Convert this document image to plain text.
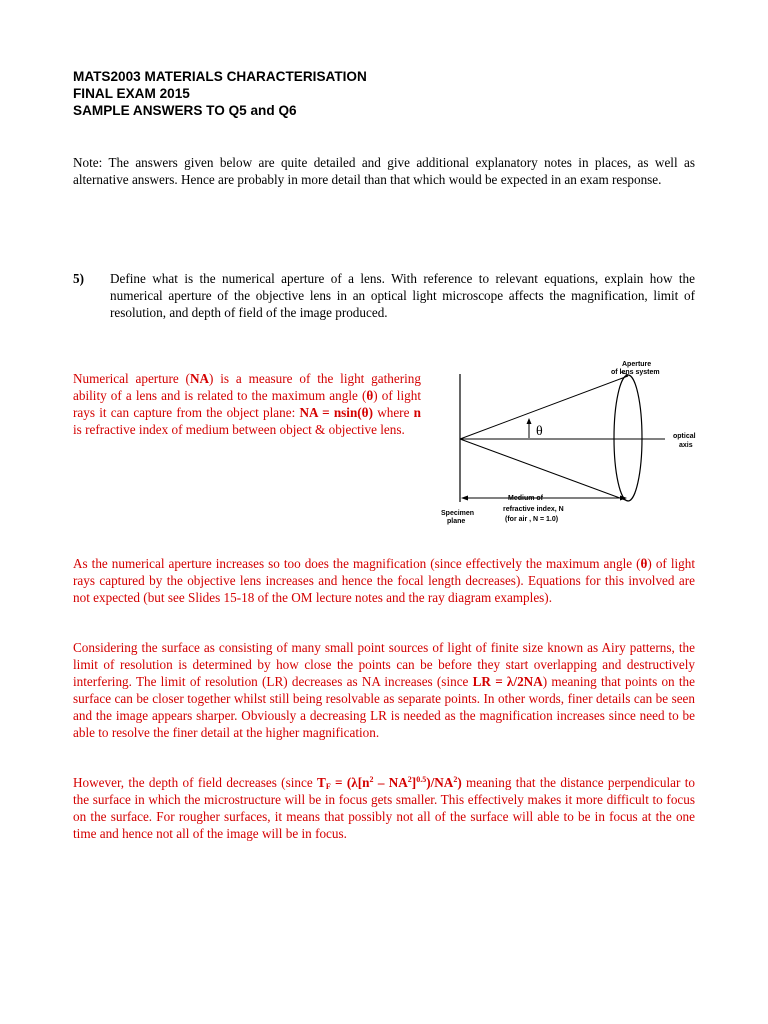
MATS2003 MATERIALS CHARACTERISATION
FINAL EXAM 2015
SAMPLE ANSWERS TO Q5 and Q6

Note: The answers given below are quite detailed and give additional explanatory notes in places, as well as alternative answers. Hence are probably in more detail than that which would be expected in an exam response.

5) Define what is the numerical aperture of a lens. With reference to relevant equations, explain how the numerical aperture of the objective lens in an optical light microscope affects the magnification, limit of resolution, and depth of field of the image produced.
Numerical aperture (NA) is a measure of the light gathering ability of a lens and is related to the maximum angle (θ) of light rays it can capture from the object plane: NA = nsin(θ) where n is refractive index of medium between object & objective lens.
Aperture
of lens system
θ	optical
axis
Specimen
plane
Medium of
refractive index, N
(for air , N = 1.0)

As the numerical aperture increases so too does the magnification (since effectively the maximum angle (θ) of light rays captured by the objective lens increases and hence the focal length decreases). Equations for this involved are not expected (but see Slides 15-18 of the OM lecture notes and the ray diagram examples).

Considering the surface as consisting of many small point sources of light of finite size known as Airy patterns, the limit of resolution is determined by how close the points can be before they start overlapping and destructively interfering. The limit of resolution (LR) decreases as NA increases (since LR = λ/2NA) meaning that points on the surface can be closer together whilst still being resolvable as separate points. In other words, finer details can be seen and the image appears sharper. Obviously a decreasing LR is needed as the magnification increases since need to be able to resolve the finer detail at the higher magnification.

However, the depth of field decreases (since $T_F = (\lambda[n^2 - NA^2]^{0.5})/NA^2$) meaning that the distance perpendicular to the surface in which the microstructure will be in focus gets smaller. This effectively makes it more difficult to focus on the surface. For rougher surfaces, it means that possibly not all of the surface will able to be in focus at the one time and hence not all of the image will be in focus.
